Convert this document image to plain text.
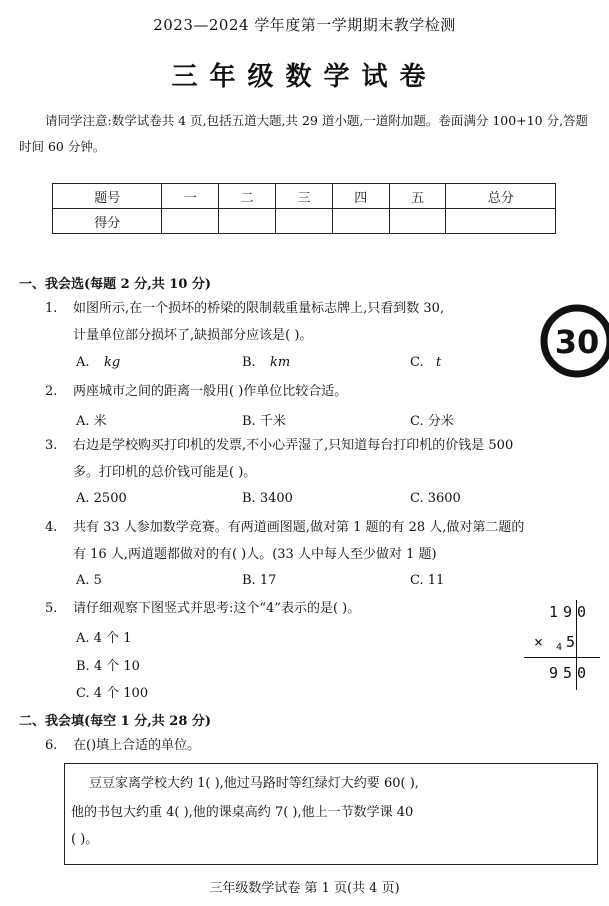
2023—2024 学年度第一学期期末教学检测
三年级数学试卷
请同学注意:数学试卷共 4 页,包括五道大题,共 29 道小题,一道附加题。卷面满分 100+10 分,答题时间 60 分钟。
题号	一	二	三	四	五	总分
得分						
一、我会选(每题 2 分,共 10 分)
1. 如图所示,在一个损坏的桥梁的限制载重量标志牌上,只看到数 30,
计量单位部分损坏了,缺损部分应该是( )。
A. kg	B. km	C. t
30
2. 两座城市之间的距离一般用( )作单位比较合适。
A. 米	B. 千米	C. 分米
3. 右边是学校购买打印机的发票,不小心弄湿了,只知道每台打印机的价钱是 500
多。打印机的总价钱可能是( )。
A. 2500	B. 3400	C. 3600
4. 共有 33 人参加数学竞赛。有两道画图题,做对第 1 题的有 28 人,做对第二题的
有 16 人,两道题都做对的有( )人。(33 人中每人至少做对 1 题)
A. 5	B. 17	C. 11
5. 请仔细观察下图竖式并思考:这个“4”表示的是( )。
A. 4 个 1
B. 4 个 10
C. 4 个 100
190
× 4 5
950
二、我会填(每空 1 分,共 28 分)
6. 在()填上合适的单位。
豆豆家离学校大约 1( ),他过马路时等红绿灯大约要 60( ),
他的书包大约重 4( ),他的课桌高约 7( ),他上一节数学课 40
( )。
三年级数学试卷 第 1 页(共 4 页)
